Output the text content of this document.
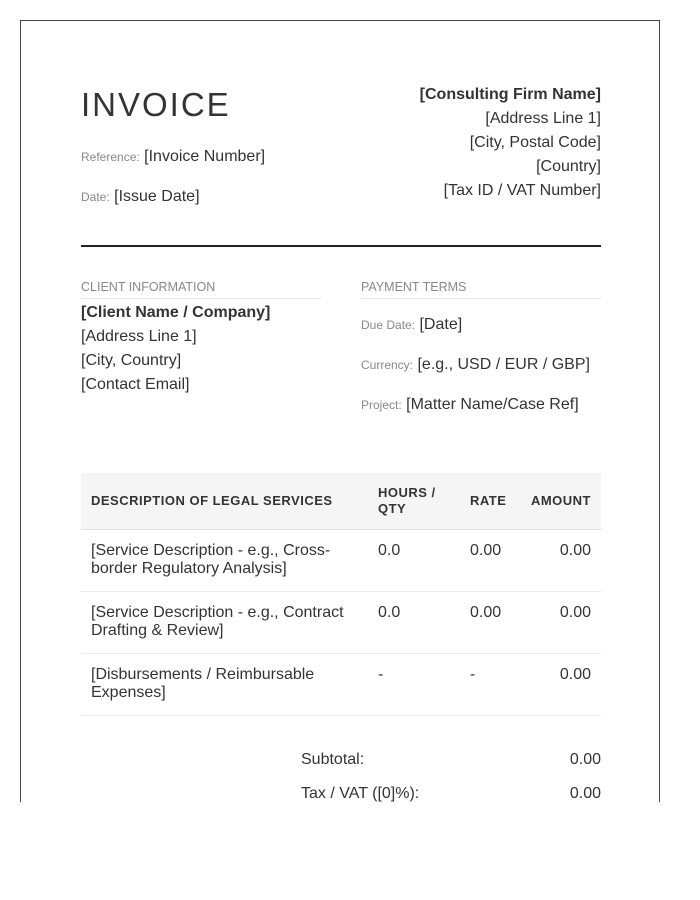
INVOICE
Reference: [Invoice Number]
Date: [Issue Date]
[Consulting Firm Name]
[Address Line 1]
[City, Postal Code]
[Country]
[Tax ID / VAT Number]
CLIENT INFORMATION
[Client Name / Company]
[Address Line 1]
[City, Country]
[Contact Email]
PAYMENT TERMS
Due Date: [Date]
Currency: [e.g., USD / EUR / GBP]
Project: [Matter Name/Case Ref]
DESCRIPTION OF LEGAL SERVICES	HOURS / QTY	RATE	AMOUNT
[Service Description - e.g., Cross-border Regulatory Analysis]	0.0	0.00	0.00
[Service Description - e.g., Contract Drafting & Review]	0.0	0.00	0.00
[Disbursements / Reimbursable Expenses]	-	-	0.00
Subtotal:	0.00
Tax / VAT ([0]%):	0.00
